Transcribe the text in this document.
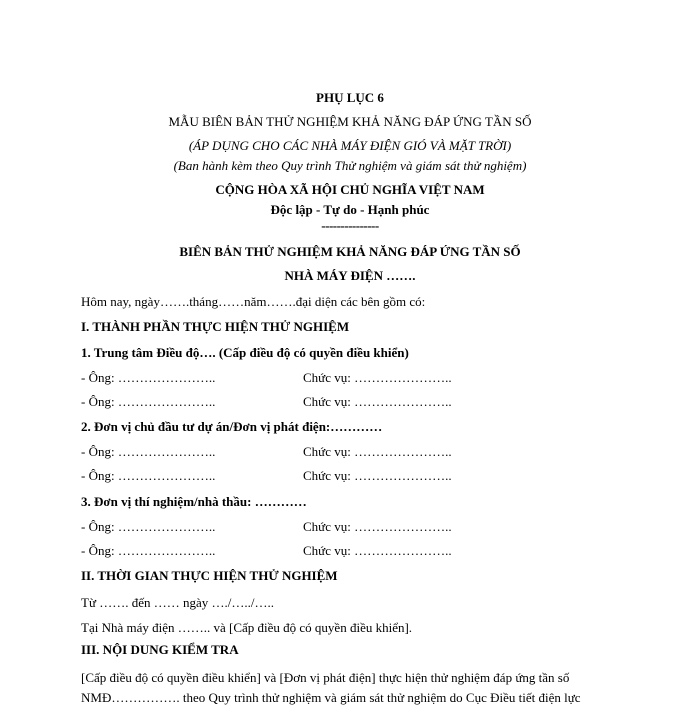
PHỤ LỤC 6
MẪU BIÊN BẢN THỬ NGHIỆM KHẢ NĂNG ĐÁP ỨNG TẦN SỐ
(ÁP DỤNG CHO CÁC NHÀ MÁY ĐIỆN GIÓ VÀ MẶT TRỜI)
(Ban hành kèm theo Quy trình Thử nghiệm và giám sát thử nghiệm)
CỘNG HÒA XÃ HỘI CHỦ NGHĨA VIỆT NAM
Độc lập - Tự do - Hạnh phúc
---------------
BIÊN BẢN THỬ NGHIỆM KHẢ NĂNG ĐÁP ỨNG TẦN SỐ
NHÀ MÁY ĐIỆN …….
Hôm nay, ngày…….tháng……năm…….đại diện các bên gồm có:
I. THÀNH PHẦN THỰC HIỆN THỬ NGHIỆM
1. Trung tâm Điều độ…. (Cấp điều độ có quyền điều khiển)
- Ông: …………………..	Chức vụ: …………………..
- Ông: …………………..	Chức vụ: …………………..
2. Đơn vị chủ đầu tư dự án/Đơn vị phát điện:…………
- Ông: …………………..	Chức vụ: …………………..
- Ông: …………………..	Chức vụ: …………………..
3. Đơn vị thí nghiệm/nhà thầu: …………
- Ông: …………………..	Chức vụ: …………………..
- Ông: …………………..	Chức vụ: …………………..
II. THỜI GIAN THỰC HIỆN THỬ NGHIỆM
Từ ……. đến …… ngày …./…../…..
Tại Nhà máy điện …….. và [Cấp điều độ có quyền điều khiển].
III. NỘI DUNG KIỂM TRA
[Cấp điều độ có quyền điều khiển] và [Đơn vị phát điện] thực hiện thử nghiệm đáp ứng tần số
NMĐ……………. theo Quy trình thử nghiệm và giám sát thử nghiệm do Cục Điều tiết điện lực
